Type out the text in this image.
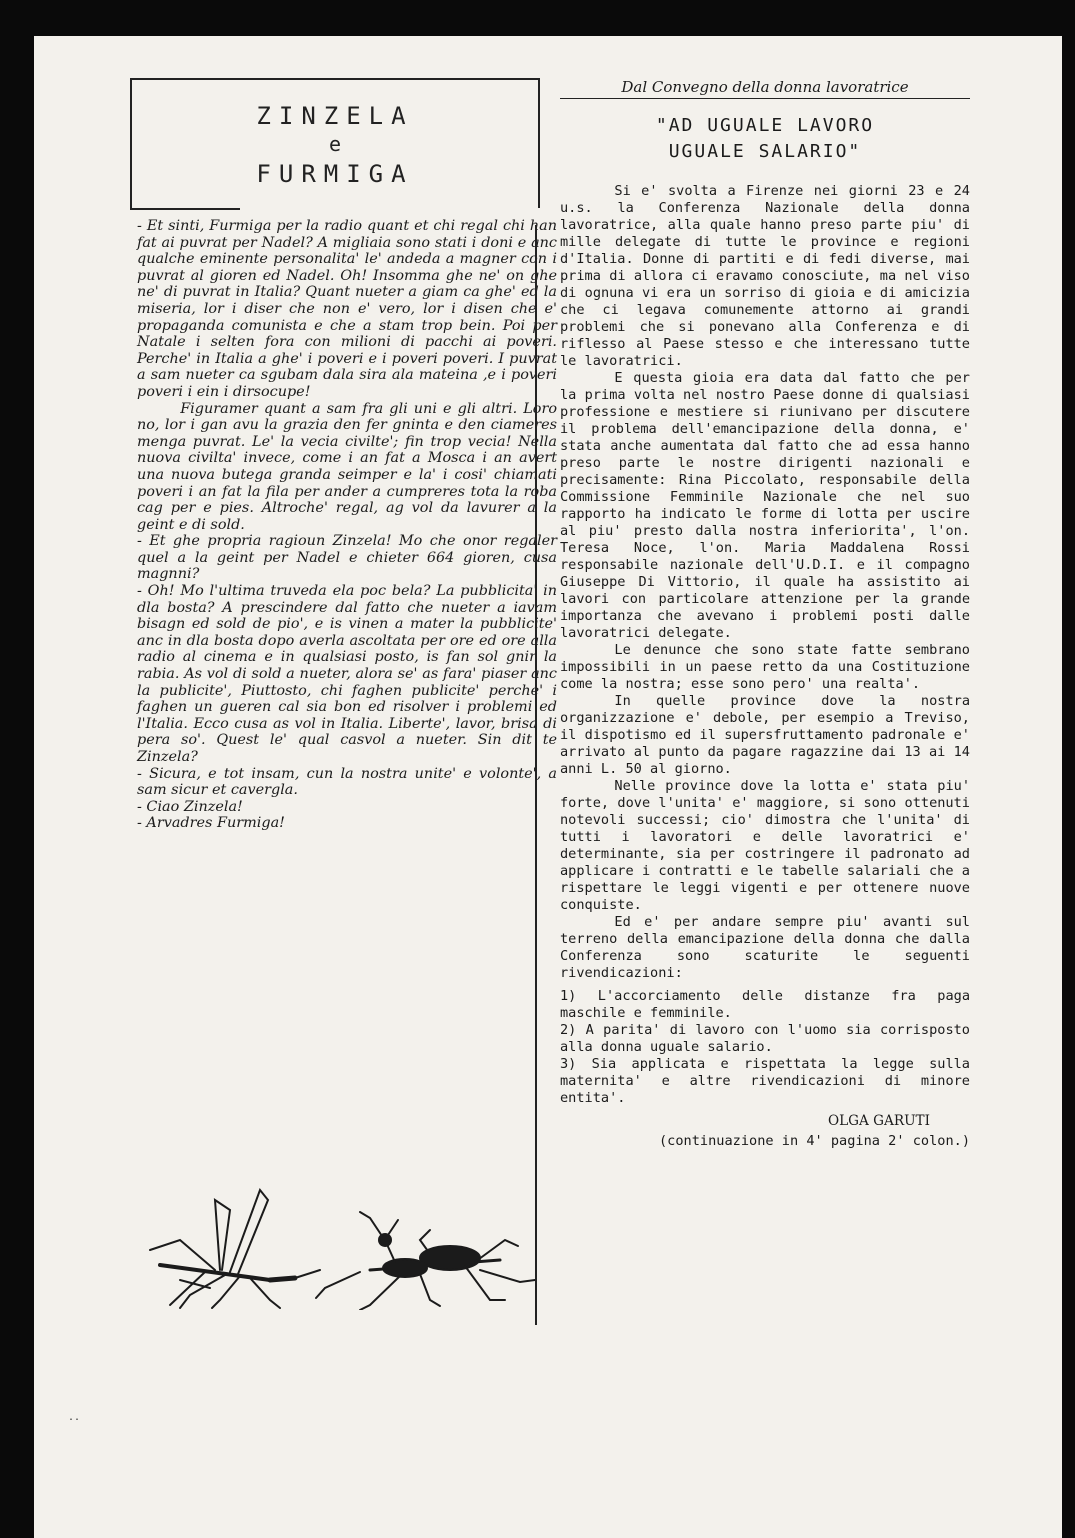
ZINZELA
e
FURMIGA

- Et sinti, Furmiga per la radio quant et chi regal chi han fat ai puvrat per Nadel? A migliaia sono stati i doni e anc qualche eminente personalita' le' andeda a magner con i puvrat al gioren ed Nadel. Oh! Insomma ghe ne' on ghe ne' di puvrat in Italia? Quant nueter a giam ca ghe' ed la miseria, lor i diser che non e' vero, lor i disen che e' propaganda comunista e che a stam trop bein. Poi per Natale i selten fora con milioni di pacchi ai poveri. Perche' in Italia a ghe' i poveri e i poveri poveri. I puvrat a sam nueter ca sgubam dala sira ala mateina ,e i poveri poveri i ein i dirsocupe!

Figuramer quant a sam fra gli uni e gli altri. Loro no, lor i gan avu la grazia den fer gninta e den ciameres menga puvrat. Le' la vecia civilte'; fin trop vecia! Nella nuova civilta' invece, come i an fat a Mosca i an avert una nuova butega granda seimper e la' i cosi' chiamati poveri i an fat la fila per ander a cumpreres tota la roba cag per e pies. Altroche' regal, ag vol da lavurer a la geint e di sold.

- Et ghe propria ragioun Zinzela! Mo che onor regaler quel a la geint per Nadel e chieter 664 gioren, cusa magnni?

- Oh! Mo l'ultima truveda ela poc bela? La pubblicita' in dla bosta? A prescindere dal fatto che nueter a iavam bisagn ed sold de pio', e is vinen a mater la pubblicite' anc in dla bosta dopo averla ascoltata per ore ed ore alla radio al cinema e in qualsiasi posto, is fan sol gnir la rabia. As vol di sold a nueter, alora se' as fara' piaser anc la publicite', Piuttosto, chi faghen publicite' perche' i faghen un gueren cal sia bon ed risolver i problemi ed l'Italia. Ecco cusa as vol in Italia. Liberte', lavor, brisa di pera so'. Quest le' qual casvol a nueter. Sin dit te Zinzela?

- Sicura, e tot insam, cun la nostra unite' e volonte', a sam sicur et cavergla.

- Ciao Zinzela!

- Arvadres Furmiga!

Dal Convegno della donna lavoratrice
"AD UGUALE LAVORO
UGUALE SALARIO"

Si e' svolta a Firenze nei giorni 23 e 24 u.s. la Conferenza Nazionale della donna lavoratrice, alla quale hanno preso parte piu' di mille delegate di tutte le province e regioni d'Italia. Donne di partiti e di fedi diverse, mai prima di allora ci eravamo conosciute, ma nel viso di ognuna vi era un sorriso di gioia e di amicizia che ci legava comunemente attorno ai grandi problemi che si ponevano alla Conferenza e di riflesso al Paese stesso e che interessano tutte le lavoratrici.

E questa gioia era data dal fatto che per la prima volta nel nostro Paese donne di qualsiasi professione e mestiere si riunivano per discutere il problema dell'emancipazione della donna, e' stata anche aumentata dal fatto che ad essa hanno preso parte le nostre dirigenti nazionali e precisamente: Rina Piccolato, responsabile della Commissione Femminile Nazionale che nel suo rapporto ha indicato le forme di lotta per uscire al piu' presto dalla nostra inferiorita', l'on. Teresa Noce, l'on. Maria Maddalena Rossi responsabile nazionale dell'U.D.I. e il compagno Giuseppe Di Vittorio, il quale ha assistito ai lavori con particolare attenzione per la grande importanza che avevano i problemi posti dalle lavoratrici delegate.

Le denunce che sono state fatte sembrano impossibili in un paese retto da una Costituzione come la nostra; esse sono pero' una realta'.

In quelle province dove la nostra organizzazione e' debole, per esempio a Treviso, il dispotismo ed il supersfruttamento padronale e' arrivato al punto da pagare ragazzine dai 13 ai 14 anni L. 50 al giorno.

Nelle province dove la lotta e' stata piu' forte, dove l'unita' e' maggiore, si sono ottenuti notevoli successi; cio' dimostra che l'unita' di tutti i lavoratori e delle lavoratrici e' determinante, sia per costringere il padronato ad applicare i contratti e le tabelle salariali che a rispettare le leggi vigenti e per ottenere nuove conquiste.

Ed e' per andare sempre piu' avanti sul terreno della emancipazione della donna che dalla Conferenza sono scaturite le seguenti rivendicazioni:

1) L'accorciamento delle distanze fra paga maschile e femminile.

2) A parita' di lavoro con l'uomo sia corrisposto alla donna uguale salario.

3) Sia applicata e rispettata la legge sulla maternita' e altre rivendicazioni di minore entita'.

OLGA GARUTI
(continuazione in 4' pagina 2' colon.)
..
